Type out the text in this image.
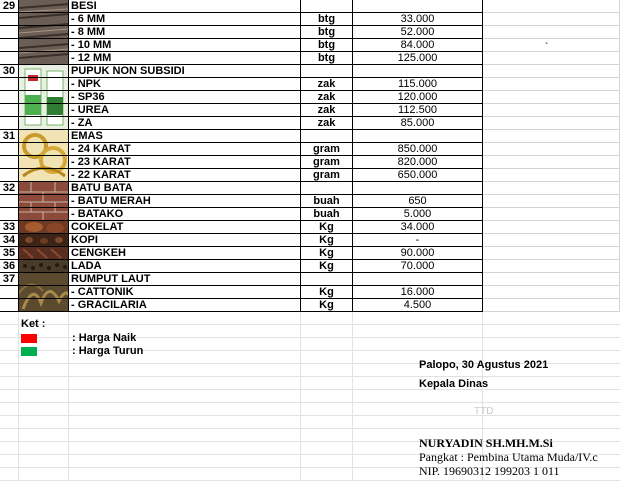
29	BESI
- 6 MM	btg	33.000
- 8 MM	btg	52.000
- 10 MM	btg	84.000
- 12 MM	btg	125.000
30	PUPUK NON SUBSIDI
- NPK	zak	115.000
- SP36	zak	120.000
- UREA	zak	112.500
- ZA	zak	85.000
31	EMAS
- 24 KARAT	gram	850.000
- 23 KARAT	gram	820.000
- 22 KARAT	gram	650.000
32	BATU BATA
- BATU MERAH	buah	650
- BATAKO	buah	5.000
33	COKELAT	Kg	34.000
34	KOPI	Kg	-
35	CENGKEH	Kg	90.000
36	LADA	Kg	70.000
37	RUMPUT LAUT
- CATTONIK	Kg	16.000
- GRACILARIA	Kg	4.500
`
Ket :
: Harga Naik
: Harga Turun
Palopo, 30 Agustus 2021
Kepala Dinas
TTD
NURYADIN SH.MH.M.Si
Pangkat : Pembina Utama Muda/IV.c
NIP. 19690312 199203 1 011
